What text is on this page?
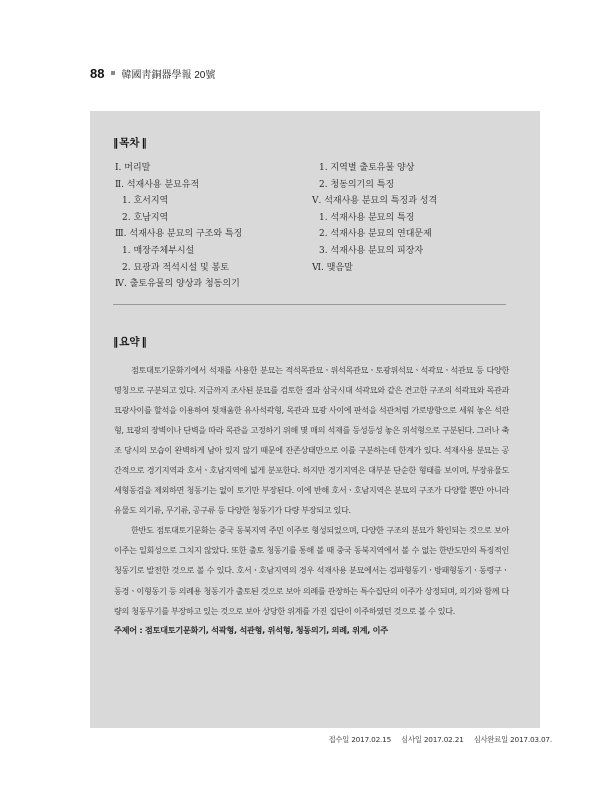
88 韓國靑銅器學報 20號
‖ 목차 ‖
Ⅰ. 머리말
Ⅱ. 석재사용 분묘유적
1. 호서지역
2. 호남지역
Ⅲ. 석재사용 분묘의 구조와 특징
1. 매장주체부시설
2. 묘광과 적석시설 및 봉토
Ⅳ. 출토유물의 양상과 청동의기
1. 지역별 출토유물 양상
2. 청동의기의 특징
Ⅴ. 석재사용 분묘의 특징과 성격
1. 석재사용 분묘의 특징
2. 석재사용 분묘의 연대문제
3. 석재사용 분묘의 피장자
Ⅵ. 맺음말
‖ 요약 ‖

점토대토기문화기에서 석재를 사용한 분묘는 적석목관묘ㆍ위석목관묘ㆍ토광위석묘ㆍ석곽묘ㆍ석관묘 등 다양한 명칭으로 구분되고 있다. 지금까지 조사된 분묘를 검토한 결과 삼국시대 석곽묘와 같은 견고한 구조의 석곽묘와 목관과 묘광사이를 할석을 이용하여 뒷채움한 유사석곽형, 목관과 묘광 사이에 판석을 석관처럼 가로방향으로 세워 놓은 석관형, 묘광의 장벽이나 단벽을 따라 목관을 고정하기 위해 몇 매의 석재를 등성등성 놓은 위석형으로 구분된다. 그러나 축조 당시의 모습이 완벽하게 남아 있지 않기 때문에 잔존상태만으로 이를 구분하는데 한계가 있다. 석재사용 분묘는 공간적으로 경기지역과 호서ㆍ호남지역에 넓게 분포한다. 하지만 경기지역은 대부분 단순한 형태를 보이며, 부장유물도 세형동검을 제외하면 청동기는 없이 토기만 부장된다. 이에 반해 호서ㆍ호남지역은 분묘의 구조가 다양할 뿐만 아니라 유물도 의기류, 무기류, 공구류 등 다양한 청동기가 다량 부장되고 있다.

한반도 점토대토기문화는 중국 동북지역 주민 이주로 형성되었으며, 다양한 구조의 분묘가 확인되는 것으로 보아 이주는 일회성으로 그치지 않았다. 또한 출토 청동기를 통해 볼 때 중국 동북지역에서 볼 수 없는 한반도만의 특징적인 청동기로 발전한 것으로 볼 수 있다. 호서ㆍ호남지역의 경우 석재사용 분묘에서는 검파형동기ㆍ방패형동기ㆍ동령구ㆍ동경ㆍ이형동기 등 의례용 청동기가 출토된 것으로 보아 의례를 관장하는 특수집단의 이주가 상정되며, 의기와 함께 다량의 청동무기를 부장하고 있는 것으로 보아 상당한 위계를 가진 집단이 이주하였던 것으로 볼 수 있다.

주제어 : 점토대토기문화기, 석곽형, 석관형, 위석형, 청동의기, 의례, 위계, 이주
접수일 2017.02.15 심사일 2017.02.21 심사완료일 2017.03.07.
